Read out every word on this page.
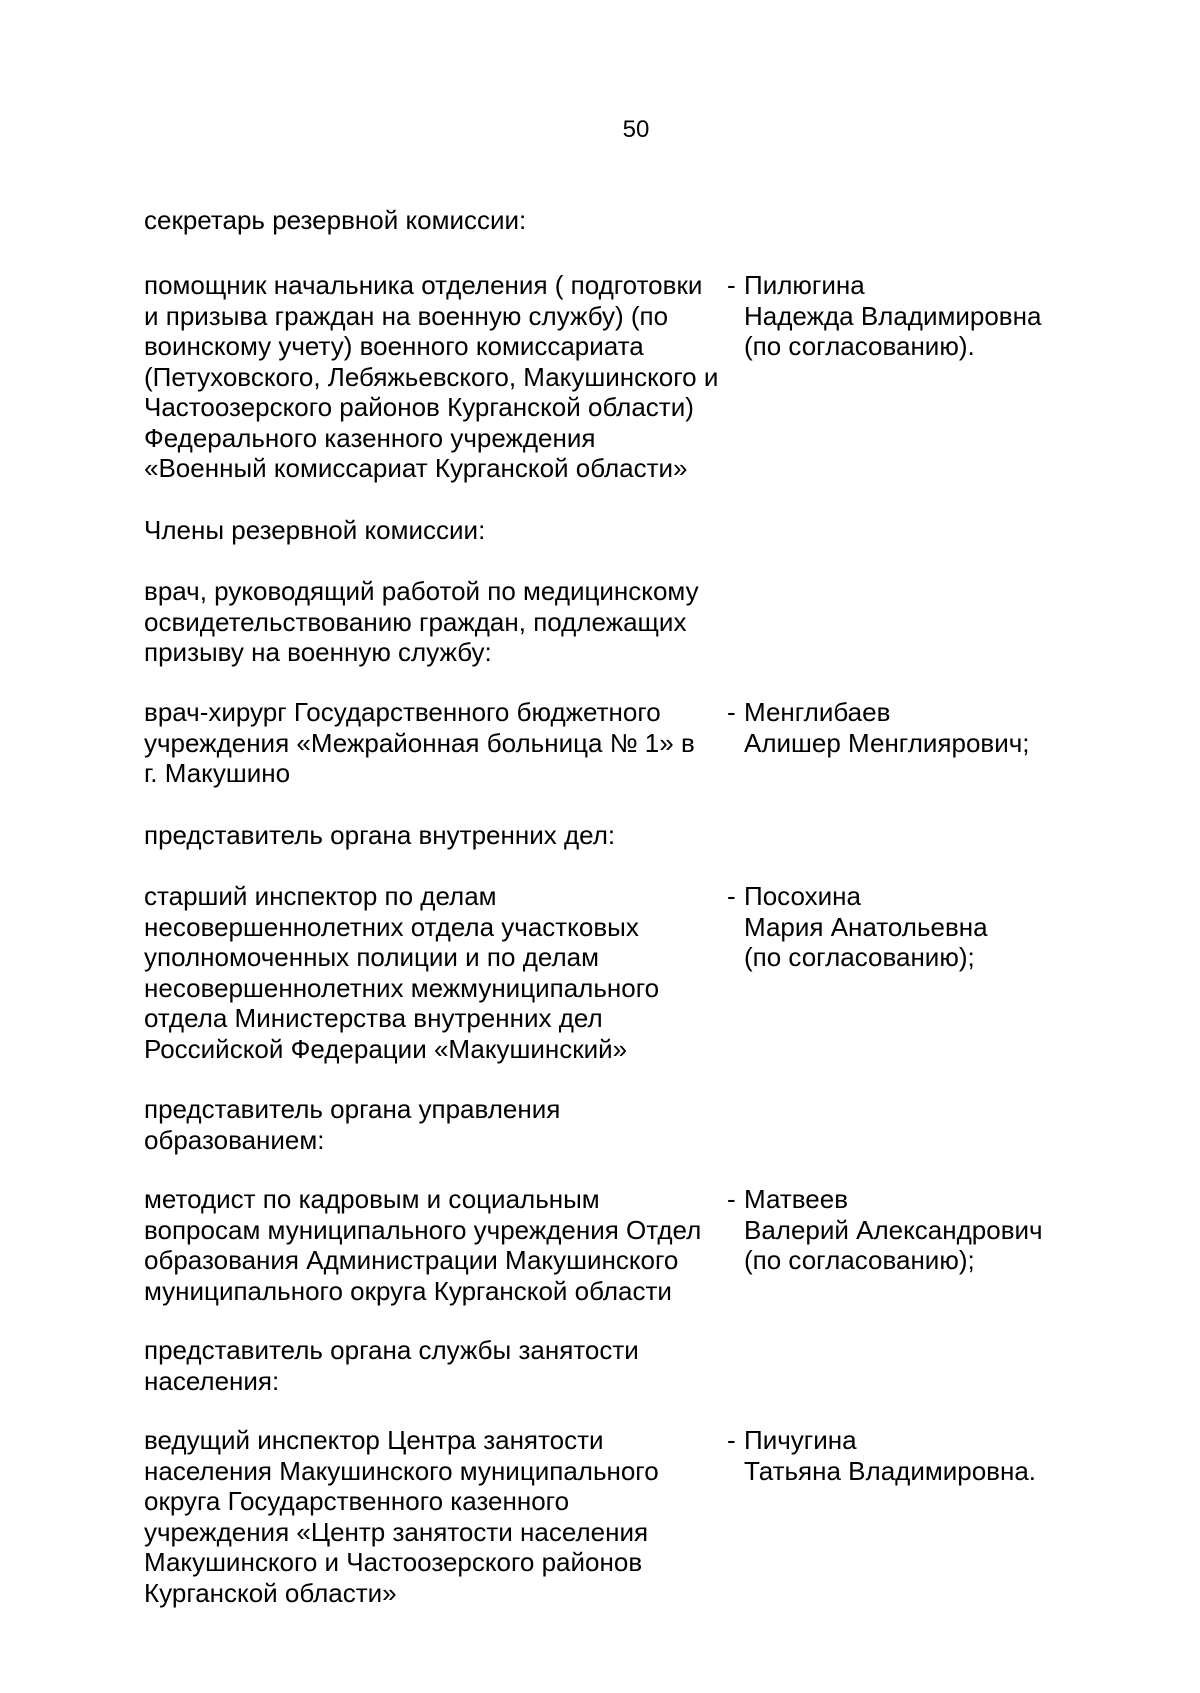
50
секретарь резервной комиссии:
помощник начальника отделения ( подготовки
и призыва граждан на военную службу) (по
воинскому учету) военного комиссариата
(Петуховского, Лебяжьевского, Макушинского и
Частоозерского районов Курганской области)
Федерального казенного учреждения
«Военный комиссариат Курганской области»
- Пилюгина
Надежда Владимировна
(по согласованию).
Члены резервной комиссии:
врач, руководящий работой по медицинскому
освидетельствованию граждан, подлежащих
призыву на военную службу:
врач-хирург Государственного бюджетного
учреждения «Межрайонная больница № 1» в
г. Макушино
- Менглибаев
Алишер Менглиярович;
представитель органа внутренних дел:
старший инспектор по делам
несовершеннолетних отдела участковых
уполномоченных полиции и по делам
несовершеннолетних межмуниципального
отдела Министерства внутренних дел
Российской Федерации «Макушинский»
- Посохина
Мария Анатольевна
(по согласованию);
представитель органа управления
образованием:
методист по кадровым и социальным
вопросам муниципального учреждения Отдел
образования Администрации Макушинского
муниципального округа Курганской области
- Матвеев
Валерий Александрович
(по согласованию);
представитель органа службы занятости
населения:
ведущий инспектор Центра занятости
населения Макушинского муниципального
округа Государственного казенного
учреждения «Центр занятости населения
Макушинского и Частоозерского районов
Курганской области»
- Пичугина
Татьяна Владимировна.
